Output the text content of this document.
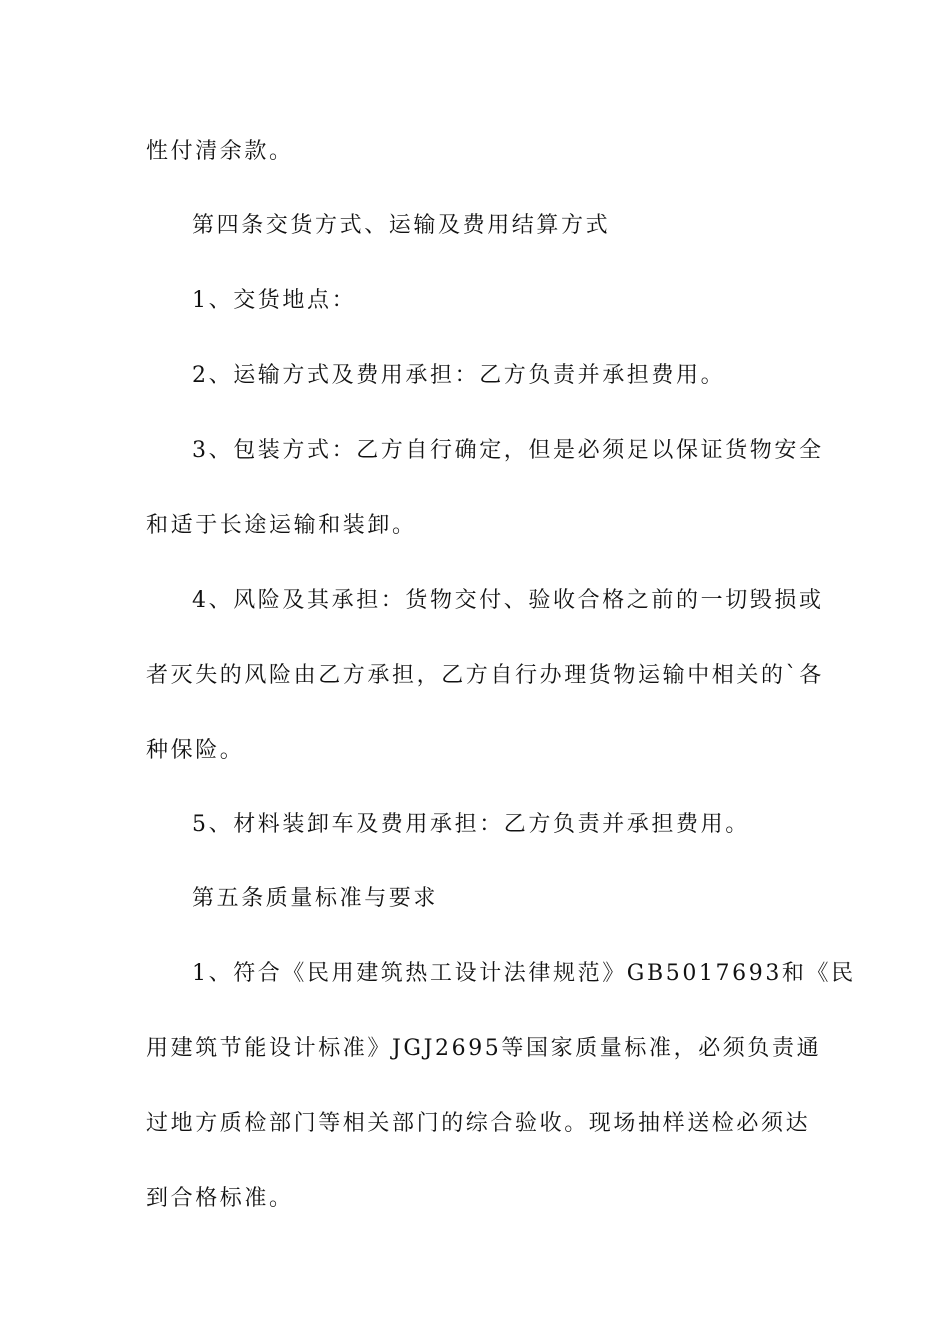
性付清余款。
第四条交货方式、运输及费用结算方式
1、交货地点：
2、运输方式及费用承担：乙方负责并承担费用。
3、包装方式：乙方自行确定，但是必须足以保证货物安全
和适于长途运输和装卸。
4、风险及其承担：货物交付、验收合格之前的一切毁损或
者灭失的风险由乙方承担，乙方自行办理货物运输中相关的`各
种保险。
5、材料装卸车及费用承担：乙方负责并承担费用。
第五条质量标准与要求
1、符合《民用建筑热工设计法律规范》GB5017693和《民
用建筑节能设计标准》JGJ2695等国家质量标准，必须负责通
过地方质检部门等相关部门的综合验收。现场抽样送检必须达
到合格标准。
